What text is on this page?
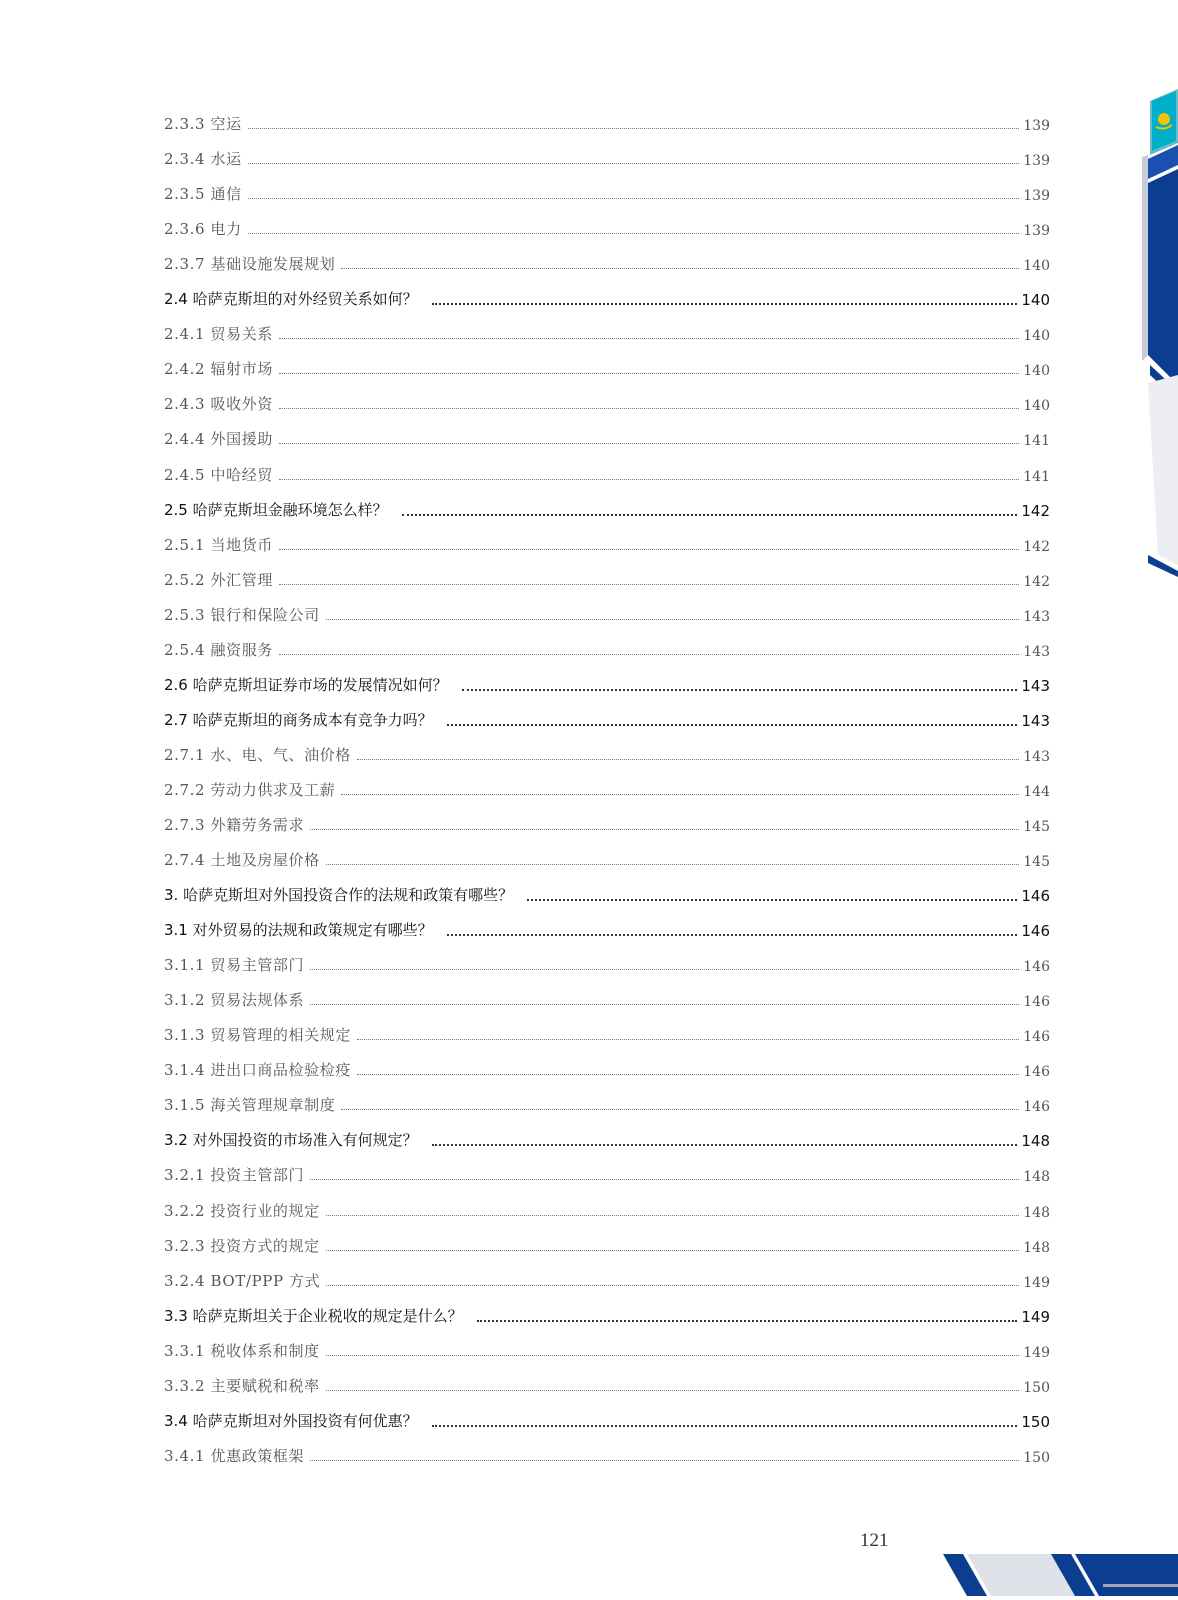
2.3.3 空运	139
2.3.4 水运	139
2.3.5 通信	139
2.3.6 电力	139
2.3.7 基础设施发展规划	140
2.4 哈萨克斯坦的对外经贸关系如何？	140
2.4.1 贸易关系	140
2.4.2 辐射市场	140
2.4.3 吸收外资	140
2.4.4 外国援助	141
2.4.5 中哈经贸	141
2.5 哈萨克斯坦金融环境怎么样？	142
2.5.1 当地货币	142
2.5.2 外汇管理	142
2.5.3 银行和保险公司	143
2.5.4 融资服务	143
2.6 哈萨克斯坦证券市场的发展情况如何？	143
2.7 哈萨克斯坦的商务成本有竞争力吗？	143
2.7.1 水、电、气、油价格	143
2.7.2 劳动力供求及工薪	144
2.7.3 外籍劳务需求	145
2.7.4 土地及房屋价格	145
3. 哈萨克斯坦对外国投资合作的法规和政策有哪些？	146
3.1 对外贸易的法规和政策规定有哪些？	146
3.1.1 贸易主管部门	146
3.1.2 贸易法规体系	146
3.1.3 贸易管理的相关规定	146
3.1.4 进出口商品检验检疫	146
3.1.5 海关管理规章制度	146
3.2 对外国投资的市场准入有何规定？	148
3.2.1 投资主管部门	148
3.2.2 投资行业的规定	148
3.2.3 投资方式的规定	148
3.2.4 BOT/PPP 方式	149
3.3 哈萨克斯坦关于企业税收的规定是什么？	149
3.3.1 税收体系和制度	149
3.3.2 主要赋税和税率	150
3.4 哈萨克斯坦对外国投资有何优惠？	150
3.4.1 优惠政策框架	150
121
